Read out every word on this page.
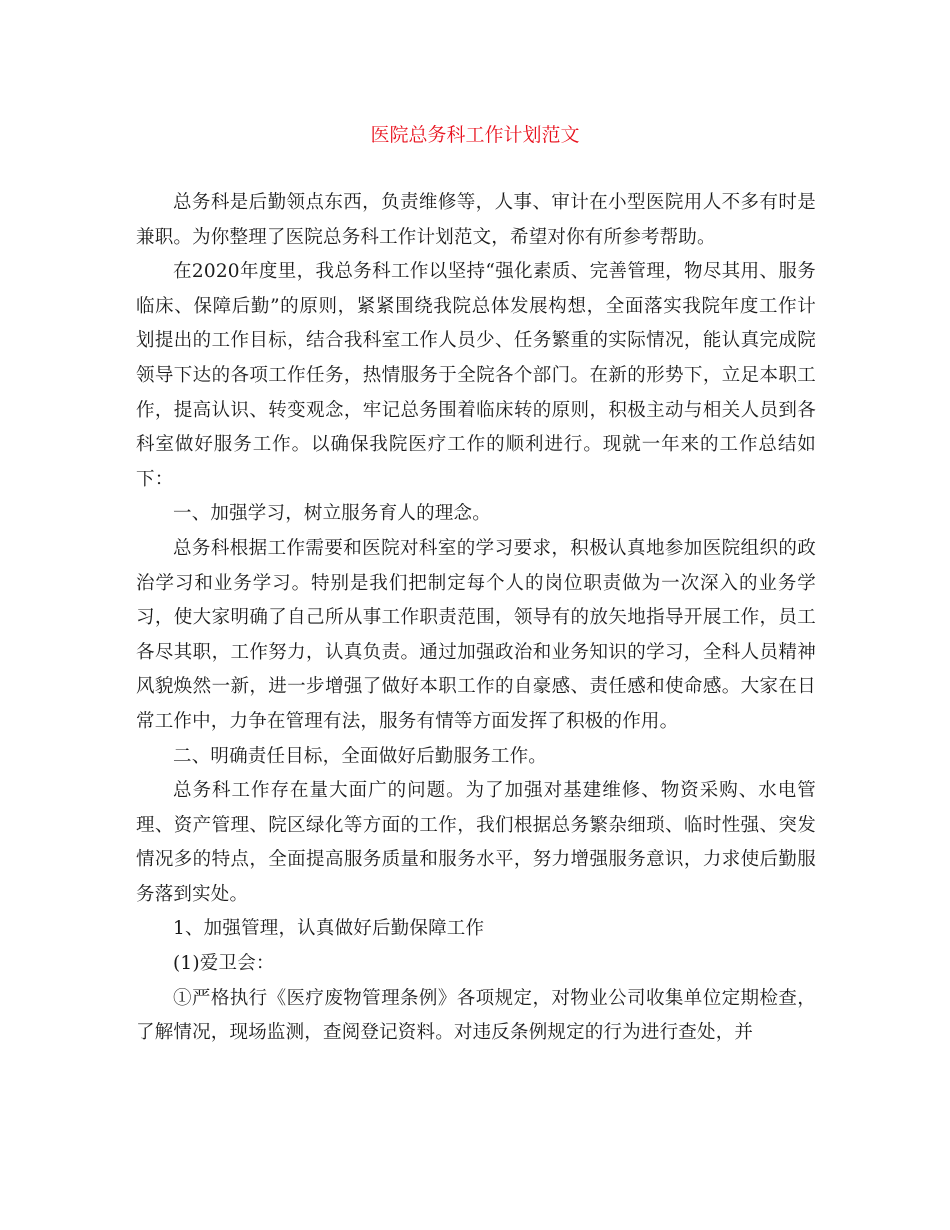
医院总务科工作计划范文

总务科是后勤领点东西，负责维修等，人事、审计在小型医院用人不多有时是兼职。为你整理了医院总务科工作计划范文，希望对你有所参考帮助。

在2020年度里，我总务科工作以坚持“强化素质、完善管理，物尽其用、服务临床、保障后勤”的原则，紧紧围绕我院总体发展构想，全面落实我院年度工作计划提出的工作目标，结合我科室工作人员少、任务繁重的实际情况，能认真完成院领导下达的各项工作任务，热情服务于全院各个部门。在新的形势下，立足本职工作，提高认识、转变观念，牢记总务围着临床转的原则，积极主动与相关人员到各科室做好服务工作。以确保我院医疗工作的顺利进行。现就一年来的工作总结如下：

一、加强学习，树立服务育人的理念。

总务科根据工作需要和医院对科室的学习要求，积极认真地参加医院组织的政治学习和业务学习。特别是我们把制定每个人的岗位职责做为一次深入的业务学习，使大家明确了自己所从事工作职责范围，领导有的放矢地指导开展工作，员工各尽其职，工作努力，认真负责。通过加强政治和业务知识的学习，全科人员精神风貌焕然一新，进一步增强了做好本职工作的自豪感、责任感和使命感。大家在日常工作中，力争在管理有法，服务有情等方面发挥了积极的作用。

二、明确责任目标，全面做好后勤服务工作。

总务科工作存在量大面广的问题。为了加强对基建维修、物资采购、水电管理、资产管理、院区绿化等方面的工作，我们根据总务繁杂细琐、临时性强、突发情况多的特点，全面提高服务质量和服务水平，努力增强服务意识，力求使后勤服务落到实处。

1、加强管理，认真做好后勤保障工作

(1)爱卫会：

①严格执行《医疗废物管理条例》各项规定，对物业公司收集单位定期检查，了解情况，现场监测，查阅登记资料。对违反条例规定的行为进行查处，并
